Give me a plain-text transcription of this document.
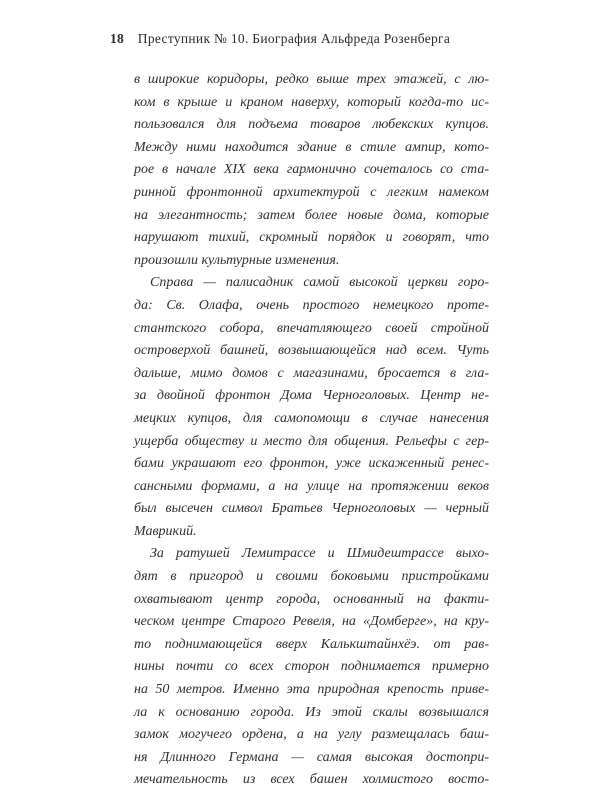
18 Преступник № 10. Биография Альфреда Розенберга
в широкие коридоры, редко выше трех этажей, с лю-
ком в крыше и краном наверху, который когда-то ис-
пользовался для подъема товаров любекских купцов.
Между ними находится здание в стиле ампир, кото-
рое в начале XIX века гармонично сочеталось со ста-
ринной фронтонной архитектурой с легким намеком
на элегантность; затем более новые дома, которые
нарушают тихий, скромный порядок и говорят, что
произошли культурные изменения.
Справа — палисадник самой высокой церкви горо-
да: Св. Олафа, очень простого немецкого проте-
стантского собора, впечатляющего своей стройной
островерхой башней, возвышающейся над всем. Чуть
дальше, мимо домов с магазинами, бросается в гла-
за двойной фронтон Дома Черноголовых. Центр не-
мецких купцов, для самопомощи в случае нанесения
ущерба обществу и место для общения. Рельефы с гер-
бами украшают его фронтон, уже искаженный ренес-
сансными формами, а на улице на протяжении веков
был высечен символ Братьев Черноголовых — черный
Маврикий.
За ратушей Лемитрассе и Шмидештрассе выхо-
дят в пригород и своими боковыми пристройками
охватывают центр города, основанный на факти-
ческом центре Старого Ревеля, на «Домберге», на кру-
то поднимающейся вверх Калькштайнхёэ. от рав-
нины почти со всех сторон поднимается примерно
на 50 метров. Именно эта природная крепость приве-
ла к основанию города. Из этой скалы возвышался
замок могучего ордена, а на углу размещалась баш-
ня Длинного Германа — самая высокая достопри-
мечательность из всех башен холмистого восто-
